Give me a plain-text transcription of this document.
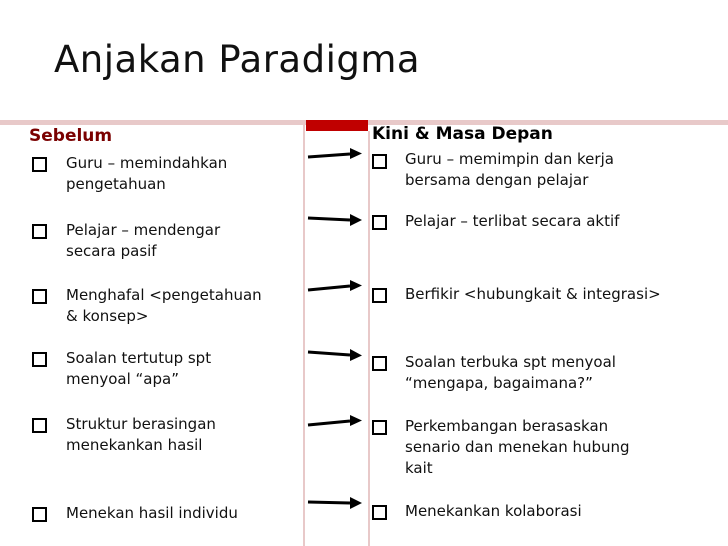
Anjakan Paradigma
Sebelum	Kini & Masa Depan
Guru – memindahkan
pengetahuan
Pelajar – mendengar
secara pasif
Menghafal <pengetahuan
& konsep>
Soalan tertutup spt
menyoal “apa”
Struktur berasingan
menekankan hasil
Menekan hasil individu
Guru – memimpin dan kerja
bersama dengan pelajar
Pelajar – terlibat secara aktif
Berfikir <hubungkait & integrasi>
Soalan terbuka spt menyoal
“mengapa, bagaimana?”
Perkembangan berasaskan
senario dan menekan hubung
kait
Menekankan kolaborasi
